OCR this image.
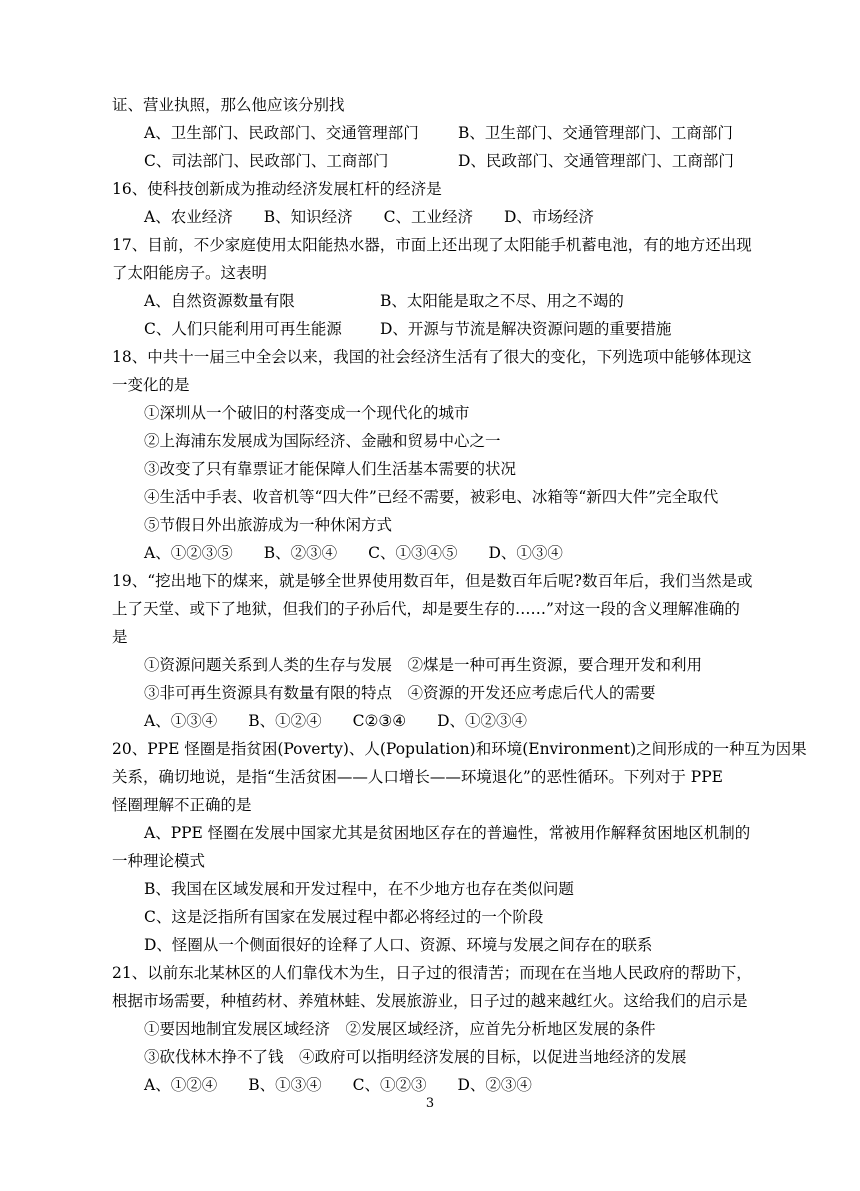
证、营业执照，那么他应该分别找
A、卫生部门、民政部门、交通管理部门	B、卫生部门、交通管理部门、工商部门
C、司法部门、民政部门、工商部门	D、民政部门、交通管理部门、工商部门
16、使科技创新成为推动经济发展杠杆的经济是
A、农业经济　　B、知识经济　　C、工业经济　　D、市场经济
17、目前，不少家庭使用太阳能热水器，市面上还出现了太阳能手机蓄电池，有的地方还出现
了太阳能房子。这表明
A、自然资源数量有限	B、太阳能是取之不尽、用之不竭的
C、人们只能利用可再生能源 D、开源与节流是解决资源问题的重要措施
18、中共十一届三中全会以来，我国的社会经济生活有了很大的变化，下列选项中能够体现这
一变化的是
①深圳从一个破旧的村落变成一个现代化的城市
②上海浦东发展成为国际经济、金融和贸易中心之一
③改变了只有靠票证才能保障人们生活基本需要的状况
④生活中手表、收音机等“四大件”已经不需要，被彩电、冰箱等“新四大件”完全取代
⑤节假日外出旅游成为一种休闲方式
A、①②③⑤　　B、②③④　　C、①③④⑤　　D、①③④
19、“挖出地下的煤来，就是够全世界使用数百年，但是数百年后呢?数百年后，我们当然是或
上了天堂、或下了地狱，但我们的子孙后代，却是要生存的……”对这一段的含义理解准确的
是
①资源问题关系到人类的生存与发展　②煤是一种可再生资源，要合理开发和利用
③非可再生资源具有数量有限的特点　④资源的开发还应考虑后代人的需要
A、①③④　　B、①②④　　C②③④　　D、①②③④
20、PPE 怪圈是指贫困(Poverty)、人(Population)和环境(Environment)之间形成的一种互为因果
关系，确切地说，是指“生活贫困——人口增长——环境退化”的恶性循环。下列对于 PPE
怪圈理解不正确的是
A、PPE 怪圈在发展中国家尤其是贫困地区存在的普遍性，常被用作解释贫困地区机制的
一种理论模式
B、我国在区域发展和开发过程中，在不少地方也存在类似问题
C、这是泛指所有国家在发展过程中都必将经过的一个阶段
D、怪圈从一个侧面很好的诠释了人口、资源、环境与发展之间存在的联系
21、以前东北某林区的人们靠伐木为生，日子过的很清苦；而现在在当地人民政府的帮助下，
根据市场需要，种植药材、养殖林蛙、发展旅游业，日子过的越来越红火。这给我们的启示是
①要因地制宜发展区域经济　②发展区域经济，应首先分析地区发展的条件
③砍伐林木挣不了钱　④政府可以指明经济发展的目标，以促进当地经济的发展
A、①②④　　B、①③④　　C、①②③　　D、②③④
3
